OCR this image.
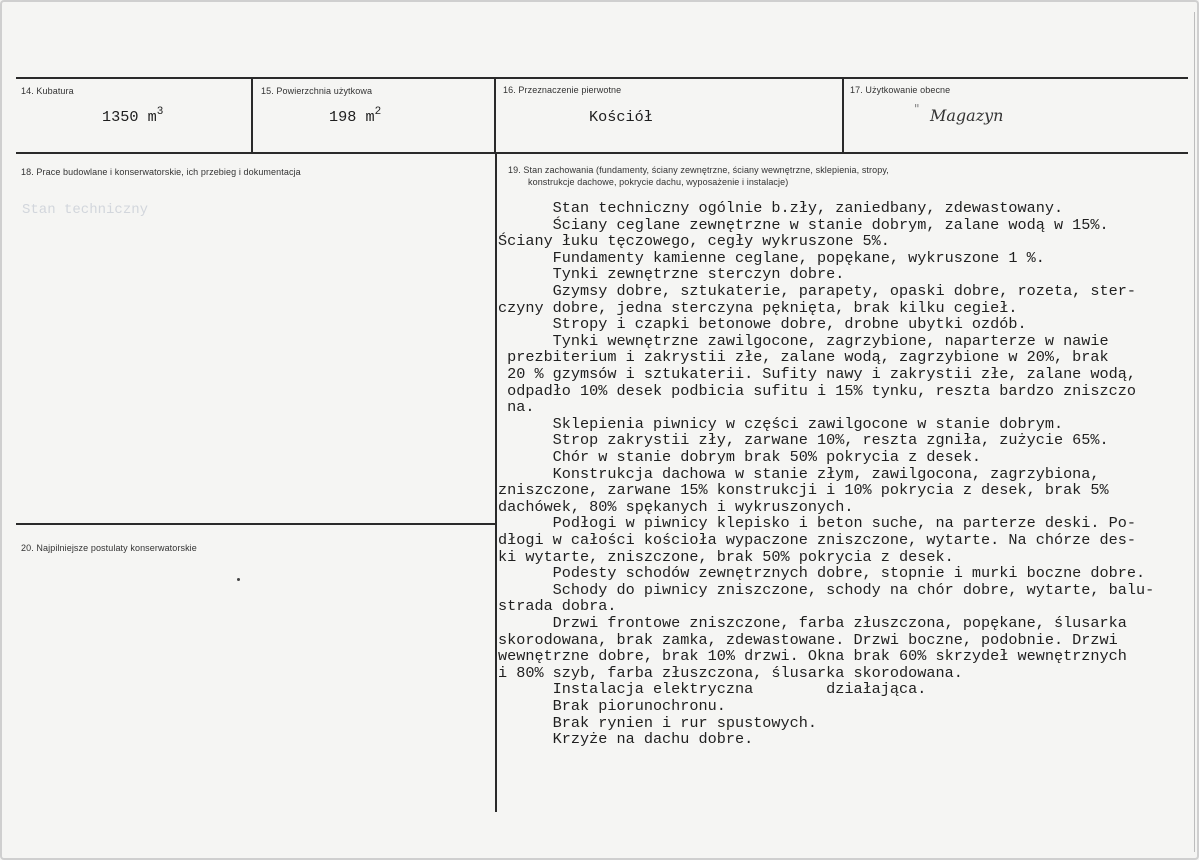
14. Kubatura
1350 $m^3$
15. Powierzchnia użytkowa
198 $m^2$
16. Przeznaczenie pierwotne
Kościół
17. Użytkowanie obecne
" Magazyn
18. Prace budowlane i konserwatorskie, ich przebieg i dokumentacja
Stan techniczny
19. Stan zachowania (fundamenty, ściany zewnętrzne, ściany wewnętrzne, sklepienia, stropy,
konstrukcje dachowe, pokrycie dachu, wyposażenie i instalacje)
Stan techniczny ogólnie b.zły, zaniedbany, zdewastowany.
Ściany ceglane zewnętrzne w stanie dobrym, zalane wodą w 15%.
Ściany łuku tęczowego, cegły wykruszone 5%.
Fundamenty kamienne ceglane, popękane, wykruszone 1 %.
Tynki zewnętrzne sterczyn dobre.
Gzymsy dobre, sztukaterie, parapety, opaski dobre, rozeta, ster-
czyny dobre, jedna sterczyna pęknięta, brak kilku cegieł.
Stropy i czapki betonowe dobre, drobne ubytki ozdób.
Tynki wewnętrzne zawilgocone, zagrzybione, naparterze w nawie
prezbiterium i zakrystii złe, zalane wodą, zagrzybione w 20%, brak
20 % gzymsów i sztukaterii. Sufity nawy i zakrystii złe, zalane wodą,
odpadło 10% desek podbicia sufitu i 15% tynku, reszta bardzo zniszczo
na.
Sklepienia piwnicy w części zawilgocone w stanie dobrym.
Strop zakrystii zły, zarwane 10%, reszta zgniła, zużycie 65%.
Chór w stanie dobrym brak 50% pokrycia z desek.
Konstrukcja dachowa w stanie złym, zawilgocona, zagrzybiona,
zniszczone, zarwane 15% konstrukcji i 10% pokrycia z desek, brak 5%
dachówek, 80% spękanych i wykruszonych.
Podłogi w piwnicy klepisko i beton suche, na parterze deski. Po-
dłogi w całości kościoła wypaczone zniszczone, wytarte. Na chórze des-
ki wytarte, zniszczone, brak 50% pokrycia z desek.
Podesty schodów zewnętrznych dobre, stopnie i murki boczne dobre.
Schody do piwnicy zniszczone, schody na chór dobre, wytarte, balu-
strada dobra.
Drzwi frontowe zniszczone, farba złuszczona, popękane, ślusarka
skorodowana, brak zamka, zdewastowane. Drzwi boczne, podobnie. Drzwi
wewnętrzne dobre, brak 10% drzwi. Okna brak 60% skrzydeł wewnętrznych
i 80% szyb, farba złuszczona, ślusarka skorodowana.
Instalacja elektryczna        działająca.
Brak piorunochronu.
Brak rynien i rur spustowych.
Krzyże na dachu dobre.
20. Najpilniejsze postulaty konserwatorskie
